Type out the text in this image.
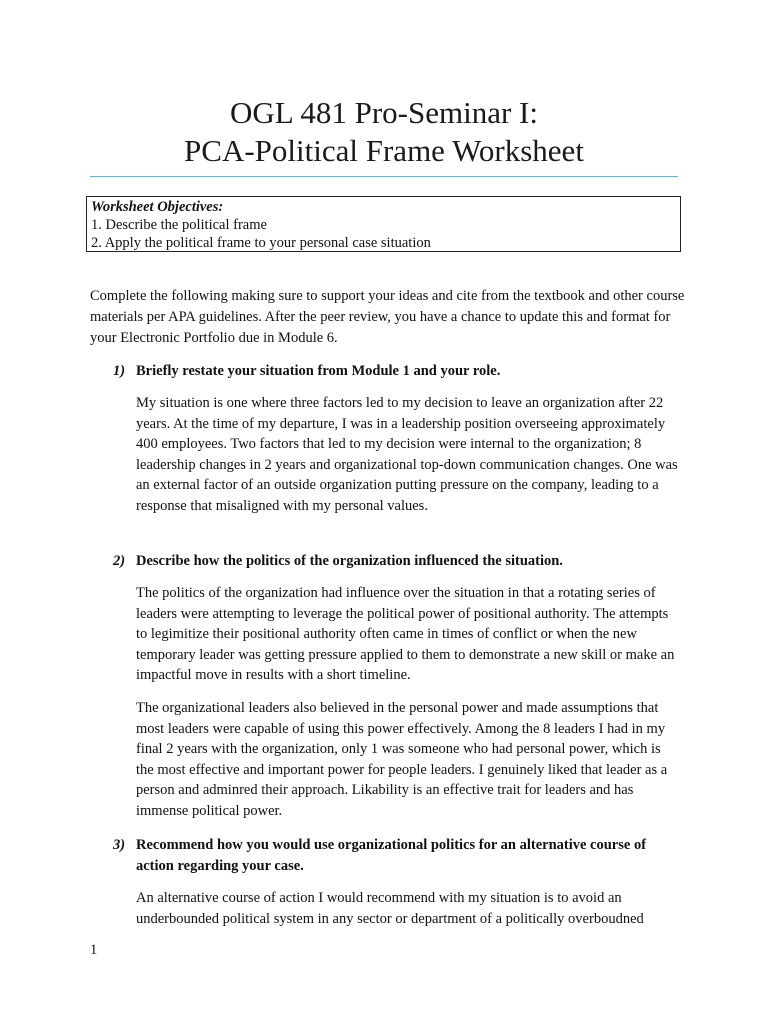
OGL 481 Pro-Seminar I:
PCA-Political Frame Worksheet
Worksheet Objectives:
1. Describe the political frame
2. Apply the political frame to your personal case situation
Complete the following making sure to support your ideas and cite from the textbook and other course materials per APA guidelines. After the peer review, you have a chance to update this and format for your Electronic Portfolio due in Module 6.
1) Briefly restate your situation from Module 1 and your role.
My situation is one where three factors led to my decision to leave an organization after 22 years. At the time of my departure, I was in a leadership position overseeing approximately 400 employees. Two factors that led to my decision were internal to the organization; 8 leadership changes in 2 years and organizational top-down communication changes. One was an external factor of an outside organization putting pressure on the company, leading to a response that misaligned with my personal values.
2) Describe how the politics of the organization influenced the situation.
The politics of the organization had influence over the situation in that a rotating series of leaders were attempting to leverage the political power of positional authority. The attempts to legimitize their positional authority often came in times of conflict or when the new temporary leader was getting pressure applied to them to demonstrate a new skill or make an impactful move in results with a short timeline.
The organizational leaders also believed in the personal power and made assumptions that most leaders were capable of using this power effectively. Among the 8 leaders I had in my final 2 years with the organization, only 1 was someone who had personal power, which is the most effective and important power for people leaders. I genuinely liked that leader as a person and adminred their approach. Likability is an effective trait for leaders and has immense political power.
3) Recommend how you would use organizational politics for an alternative course of action regarding your case.
An alternative course of action I would recommend with my situation is to avoid an underbounded political system in any sector or department of a politically overboudned
1
